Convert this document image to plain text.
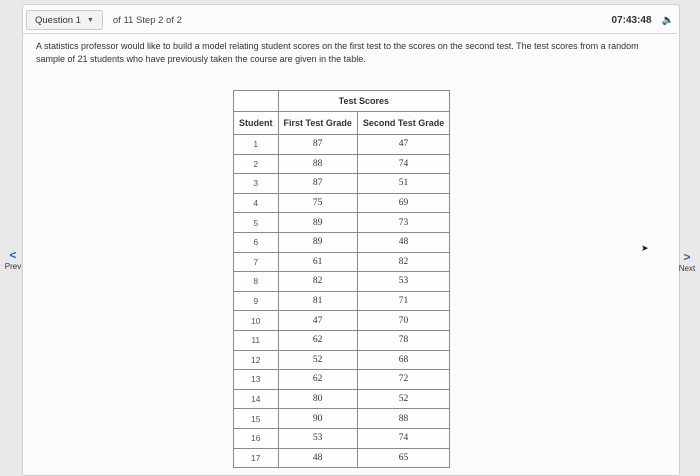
Question 1 ▼ of 11 Step 2 of 2	07:43:48 🔈
A statistics professor would like to build a model relating student scores on the first test to the scores on the second test. The test scores from a random sample of 21 students who have previously taken the course are given in the table.
	Test Scores	
Student	First Test Grade	Second Test Grade
1	87	47
2	88	74
3	87	51
4	75	69
5	89	73
6	89	48
7	61	82
8	82	53
9	81	71
10	47	70
11	62	78
12	52	68
13	62	72
14	80	52
15	90	88
16	53	74
17	48	65
<
Prev
>
Next
➤
